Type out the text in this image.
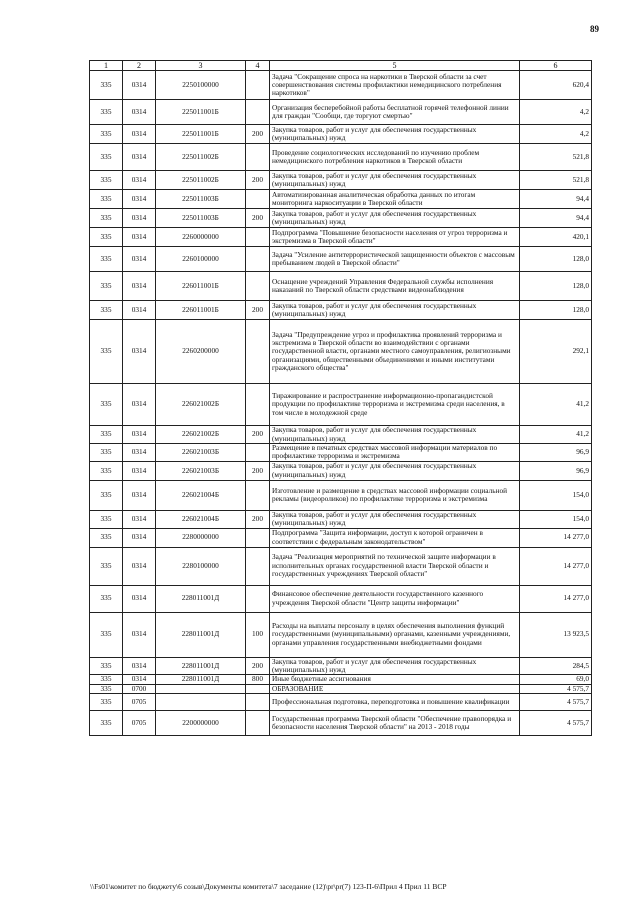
89
1	2	3	4	5	6
335	0314	2250100000		Задача "Сокращение спроса на наркотики в Тверской области за счет совершенствования системы профилактики немедицинского потребления наркотиков"	620,4
335	0314	225011001Б		Организация бесперебойной работы бесплатной горячей телефонной линии для граждан "Сообщи, где торгуют смертью"	4,2
335	0314	225011001Б	200	Закупка товаров, работ и услуг для обеспечения государственных (муниципальных) нужд	4,2
335	0314	225011002Б		Проведение социологических исследований по изучению проблем немедицинского потребления наркотиков в Тверской области	521,8
335	0314	225011002Б	200	Закупка товаров, работ и услуг для обеспечения государственных (муниципальных) нужд	521,8
335	0314	225011003Б		Автоматизированная аналитическая обработка данных по итогам мониторинга наркоситуации в Тверской области	94,4
335	0314	225011003Б	200	Закупка товаров, работ и услуг для обеспечения государственных (муниципальных) нужд	94,4
335	0314	2260000000		Подпрограмма "Повышение безопасности населения от угроз терроризма и экстремизма в Тверской области"	420,1
335	0314	2260100000		Задача "Усиление антитеррористической защищенности объектов с массовым пребыванием людей в Тверской области"	128,0
335	0314	226011001Б		Оснащение учреждений Управления Федеральной службы исполнения наказаний по Тверской области средствами видеонаблюдения	128,0
335	0314	226011001Б	200	Закупка товаров, работ и услуг для обеспечения государственных (муниципальных) нужд	128,0
335	0314	2260200000		Задача "Предупреждение угроз и профилактика проявлений терроризма и экстремизма в Тверской области во взаимодействии с органами государственной власти, органами местного самоуправления, религиозными организациями, общественными объединениями и иными институтами гражданского общества"	292,1
335	0314	226021002Б		Тиражирование и распространение информационно-пропагандистской продукции по профилактике терроризма и экстремизма среди населения, в том числе в молодежной среде	41,2
335	0314	226021002Б	200	Закупка товаров, работ и услуг для обеспечения государственных (муниципальных) нужд	41,2
335	0314	226021003Б		Размещение в печатных средствах массовой информации материалов по профилактике терроризма и экстремизма	96,9
335	0314	226021003Б	200	Закупка товаров, работ и услуг для обеспечения государственных (муниципальных) нужд	96,9
335	0314	226021004Б		Изготовление и размещение в средствах массовой информации социальной рекламы (видеороликов) по профилактике терроризма и экстремизма	154,0
335	0314	226021004Б	200	Закупка товаров, работ и услуг для обеспечения государственных (муниципальных) нужд	154,0
335	0314	2280000000		Подпрограмма "Защита информации, доступ к которой ограничен в соответствии с федеральным законодательством"	14 277,0
335	0314	2280100000		Задача "Реализация мероприятий по технической защите информации в исполнительных органах государственной власти Тверской области и государственных учреждениях Тверской области"	14 277,0
335	0314	228011001Д		Финансовое обеспечение деятельности государственного казенного учреждения Тверской области "Центр защиты информации"	14 277,0
335	0314	228011001Д	100	Расходы на выплаты персоналу в целях обеспечения выполнения функций государственными (муниципальными) органами, казенными учреждениями, органами управления государственными внебюджетными фондами	13 923,5
335	0314	228011001Д	200	Закупка товаров, работ и услуг для обеспечения государственных (муниципальных) нужд	284,5
335	0314	228011001Д	800	Иные бюджетные ассигнования	69,0
335	0700			ОБРАЗОВАНИЕ	4 575,7
335	0705			Профессиональная подготовка, переподготовка и повышение квалификации	4 575,7
335	0705	2200000000		Государственная программа Тверской области "Обеспечение правопорядка и безопасности населения Тверской области" на 2013 - 2018 годы	4 575,7
\\Fs01\комитет по бюджету\6 созыв\Документы комитета\7 заседание (12)\pr\pr(7) 123-П-6\Прил 4 Прил 11 ВСР
